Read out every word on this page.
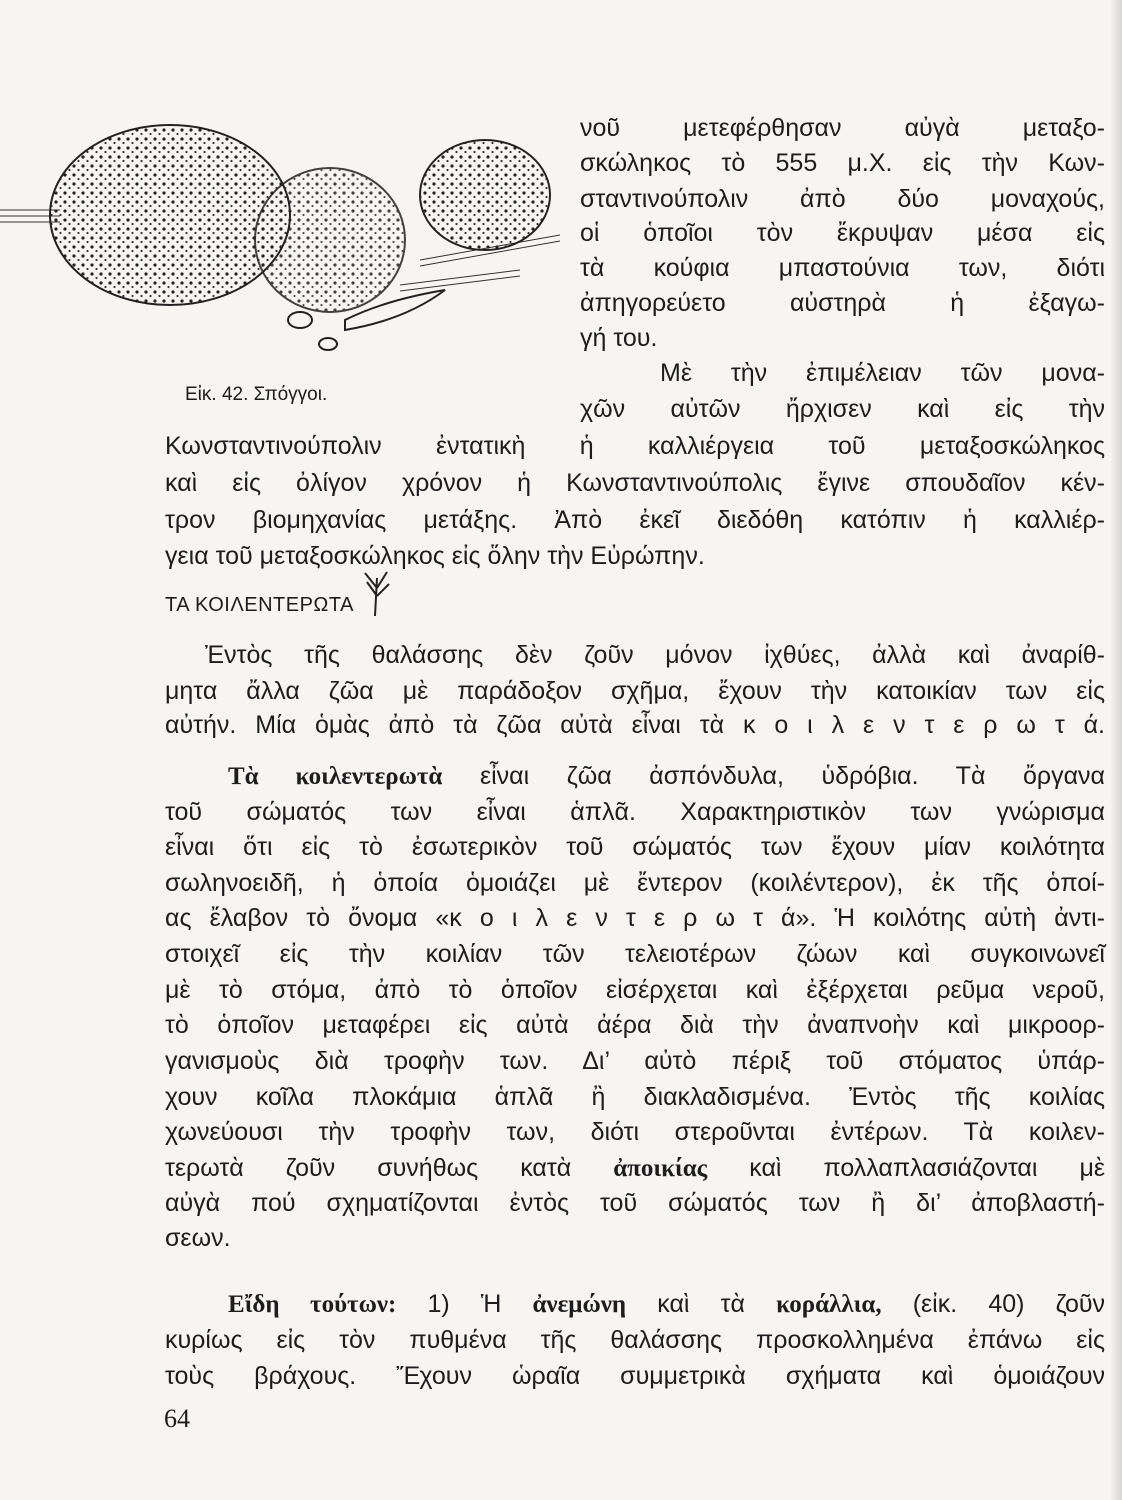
Εἰκ. 42. Σπόγγοι.
ΤΑ ΚΟΙΛΕΝΤΕΡΩΤΑ
νοῦ μετεφέρθησαν αὐγὰ μεταξο-
σκώληκος τὸ 555 μ.Χ. εἰς τὴν Κων-
σταντινούπολιν ἀπὸ δύο μοναχούς,
οἱ ὁποῖοι τὸν ἔκρυψαν μέσα εἰς
τὰ κούφια μπαστούνια των, διότι
ἀπηγορεύετο αὐστηρὰ ἡ ἐξαγω-
γή του.
Μὲ τὴν ἐπιμέλειαν τῶν μονα-
χῶν αὐτῶν ἤρχισεν καὶ εἰς τὴν
Κωνσταντινούπολιν ἐντατικὴ ἡ καλλιέργεια τοῦ μεταξοσκώληκος
καὶ εἰς ὀλίγον χρόνον ἡ Κωνσταντινούπολις ἔγινε σπουδαῖον κέν-
τρον βιομηχανίας μετάξης. Ἀπὸ ἐκεῖ διεδόθη κατόπιν ἡ καλλιέρ-
γεια τοῦ μεταξοσκώληκος εἰς ὅλην τὴν Εὐρώπην.
Ἐντὸς τῆς θαλάσσης δὲν ζοῦν μόνον ἰχθύες, ἀλλὰ καὶ ἀναρίθ-
μητα ἄλλα ζῶα μὲ παράδοξον σχῆμα, ἔχουν τὴν κατοικίαν των εἰς
αὐτήν. Μία ὁμὰς ἀπὸ τὰ ζῶα αὐτὰ εἶναι τὰ κ ο ι λ ε ν τ ε ρ ω τ ά.
Τὰ κοιλεντερωτὰ εἶναι ζῶα ἀσπόνδυλα, ὑδρόβια. Τὰ ὄργανα
τοῦ σώματός των εἶναι ἁπλᾶ. Χαρακτηριστικὸν των γνώρισμα
εἶναι ὅτι εἰς τὸ ἐσωτερικὸν τοῦ σώματός των ἔχουν μίαν κοιλότητα
σωληνοειδῆ, ἡ ὁποία ὁμοιάζει μὲ ἔντερον (κοιλέντερον), ἐκ τῆς ὁποί-
ας ἔλαβον τὸ ὄνομα «κ ο ι λ ε ν τ ε ρ ω τ ά». Ἡ κοιλότης αὐτὴ ἀντι-
στοιχεῖ εἰς τὴν κοιλίαν τῶν τελειοτέρων ζώων καὶ συγκοινωνεῖ
μὲ τὸ στόμα, ἀπὸ τὸ ὁποῖον εἰσέρχεται καὶ ἐξέρχεται ρεῦμα νεροῦ,
τὸ ὁποῖον μεταφέρει εἰς αὐτὰ ἀέρα διὰ τὴν ἀναπνοὴν καὶ μικροορ-
γανισμοὺς διὰ τροφὴν των. Δι’ αὐτὸ πέριξ τοῦ στόματος ὑπάρ-
χουν κοῖλα πλοκάμια ἁπλᾶ ἢ διακλαδισμένα. Ἐντὸς τῆς κοιλίας
χωνεύουσι τὴν τροφὴν των, διότι στεροῦνται ἐντέρων. Τὰ κοιλεν-
τερωτὰ ζοῦν συνήθως κατὰ ἀποικίας καὶ πολλαπλασιάζονται μὲ
αὐγὰ πού σχηματίζονται ἐντὸς τοῦ σώματός των ἢ δι’ ἀποβλαστή-
σεων.
Εἴδη τούτων: 1) Ἡ ἀνεμώνη καὶ τὰ κοράλλια, (εἰκ. 40) ζοῦν
κυρίως εἰς τὸν πυθμένα τῆς θαλάσσης προσκολλημένα ἐπάνω εἰς
τοὺς βράχους. Ἔχουν ὡραῖα συμμετρικὰ σχήματα καὶ ὁμοιάζουν
64
